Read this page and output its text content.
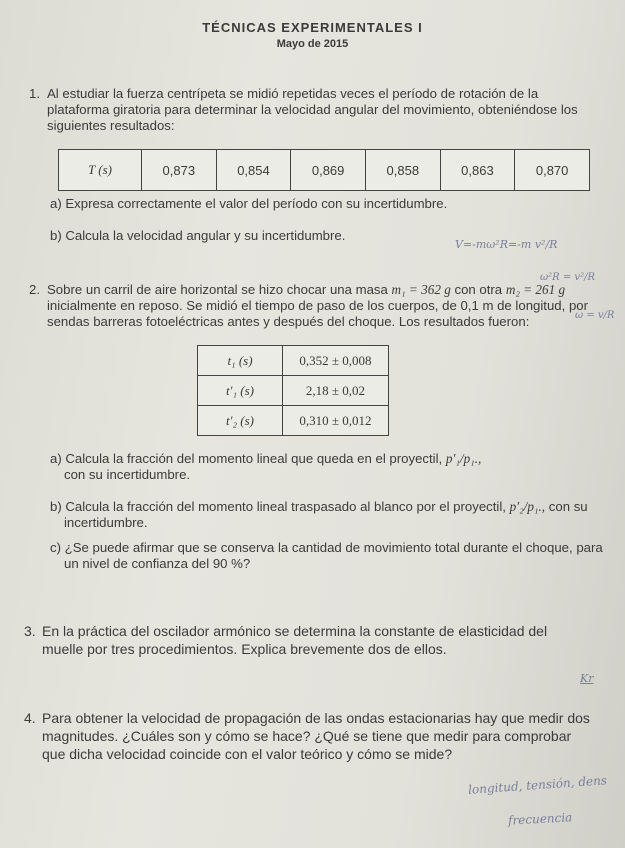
TÉCNICAS EXPERIMENTALES I
Mayo de 2015
1. Al estudiar la fuerza centrípeta se midió repetidas veces el período de rotación de la plataforma giratoria para determinar la velocidad angular del movimiento, obteniéndose los siguientes resultados:
T (s)	0,873	0,854	0,869	0,858	0,863	0,870
a) Expresa correctamente el valor del período con su incertidumbre.
b) Calcula la velocidad angular y su incertidumbre.
2. Sobre un carril de aire horizontal se hizo chocar una masa m₁ = 362 g con otra m₂ = 261 g inicialmente en reposo. Se midió el tiempo de paso de los cuerpos, de 0,1 m de longitud, por sendas barreras fotoeléctricas antes y después del choque. Los resultados fueron:
t₁ (s)	0,352 ± 0,008
t′₁ (s)	2,18 ± 0,02
t′₂ (s)	0,310 ± 0,012
a) Calcula la fracción del momento lineal que queda en el proyectil, p′₁/p₁.,
con su incertidumbre.
b) Calcula la fracción del momento lineal traspasado al blanco por el proyectil, p′₂/p₁., con su incertidumbre.
c) ¿Se puede afirmar que se conserva la cantidad de movimiento total durante el choque, para un nivel de confianza del 90 %?
3. En la práctica del oscilador armónico se determina la constante de elasticidad del muelle por tres procedimientos. Explica brevemente dos de ellos.
4. Para obtener la velocidad de propagación de las ondas estacionarias hay que medir dos magnitudes. ¿Cuáles son y cómo se hace? ¿Qué se tiene que medir para comprobar que dicha velocidad coincide con el valor teórico y cómo se mide?
V=-mω²R=-m v²/R
ω²R = v²/R
ω = v/R
Kr
longitud, tensión, dens
frecuencia
